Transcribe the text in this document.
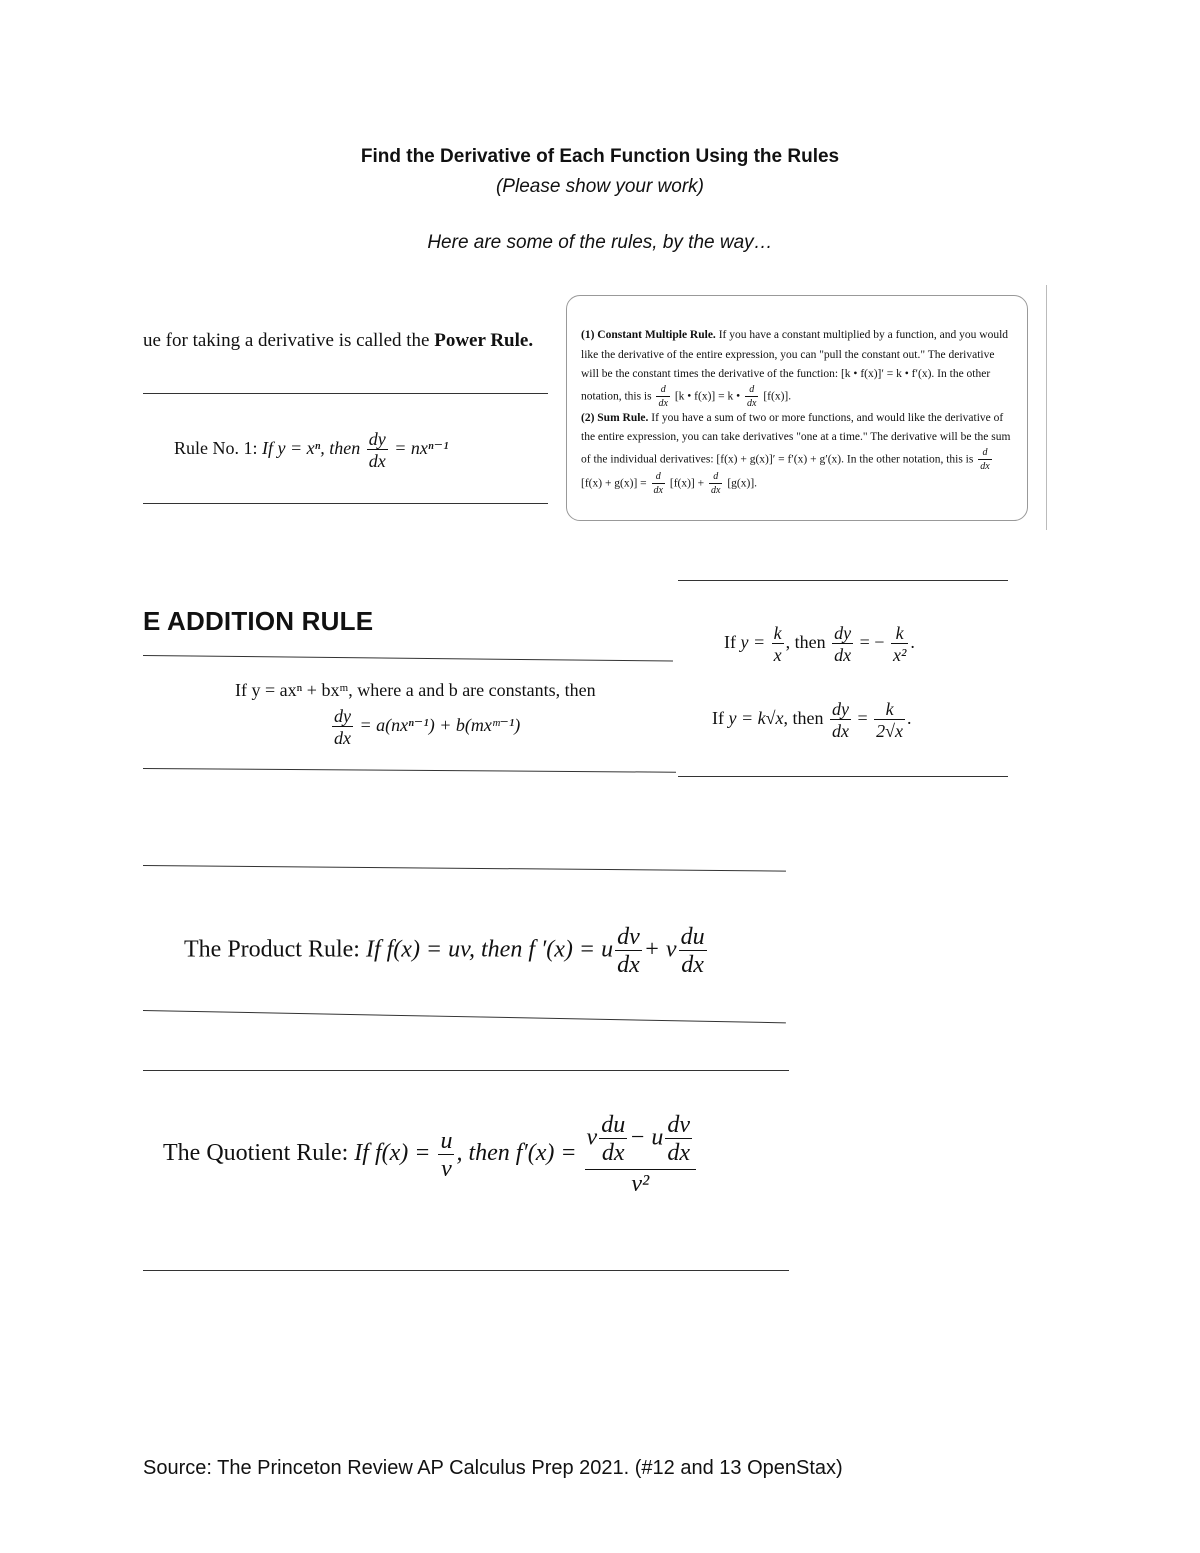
Find the Derivative of Each Function Using the Rules
(Please show your work)
Here are some of the rules, by the way…
ue for taking a derivative is called the Power Rule.
Rule No. 1: If y = xⁿ, then $\frac{dy}{dx} = nx^{n-1}$

(1) Constant Multiple Rule. If you have a constant multiplied by a function, and you would like the derivative of the entire expression, you can "pull the constant out." The derivative will be the constant times the derivative of the function: [k • f(x)]′ = k • f′(x). In the other notation, this is $\frac{d}{dx} [k$ • f(x)] = k • $\frac{d}{dx} [f(x)]$.

(2) Sum Rule. If you have a sum of two or more functions, and would like the derivative of the entire expression, you can take derivatives "one at a time." The derivative will be the sum of the individual derivatives: [f(x) + g(x)]′ = f′(x) + g′(x). In the other notation, this is $\frac{d}{dx}$
$[f(x) + g(x)] = \frac{d}{dx} [f(x)] + \frac{d}{dx} [g(x)]$.

E ADDITION RULE
If y = axⁿ + bxᵐ, where a and b are constants, then
$\frac{dy}{dx} = a(nx^{n-1})$ + b(mxᵐ⁻¹)
If $y = \frac{k}{x}$ , then $\frac{dy}{dx}$ = − $\frac{k}{\text{x²}}$ .
If y = k√x, then $\frac{dy}{dx} = \frac{k}{2√x}$ .
The Product Rule: If f(x) = uv, then f ′(x) = u $\frac{dv}{dx} + v \frac{du}{dx}$
The Quotient Rule: If $f(x) = \frac{u}{v}$ , then $f'(x) = \frac{v \frac{du}{dx} - u \frac{dv}{dx}}{\text{v²}}$
Source: The Princeton Review AP Calculus Prep 2021. (#12 and 13 OpenStax)
